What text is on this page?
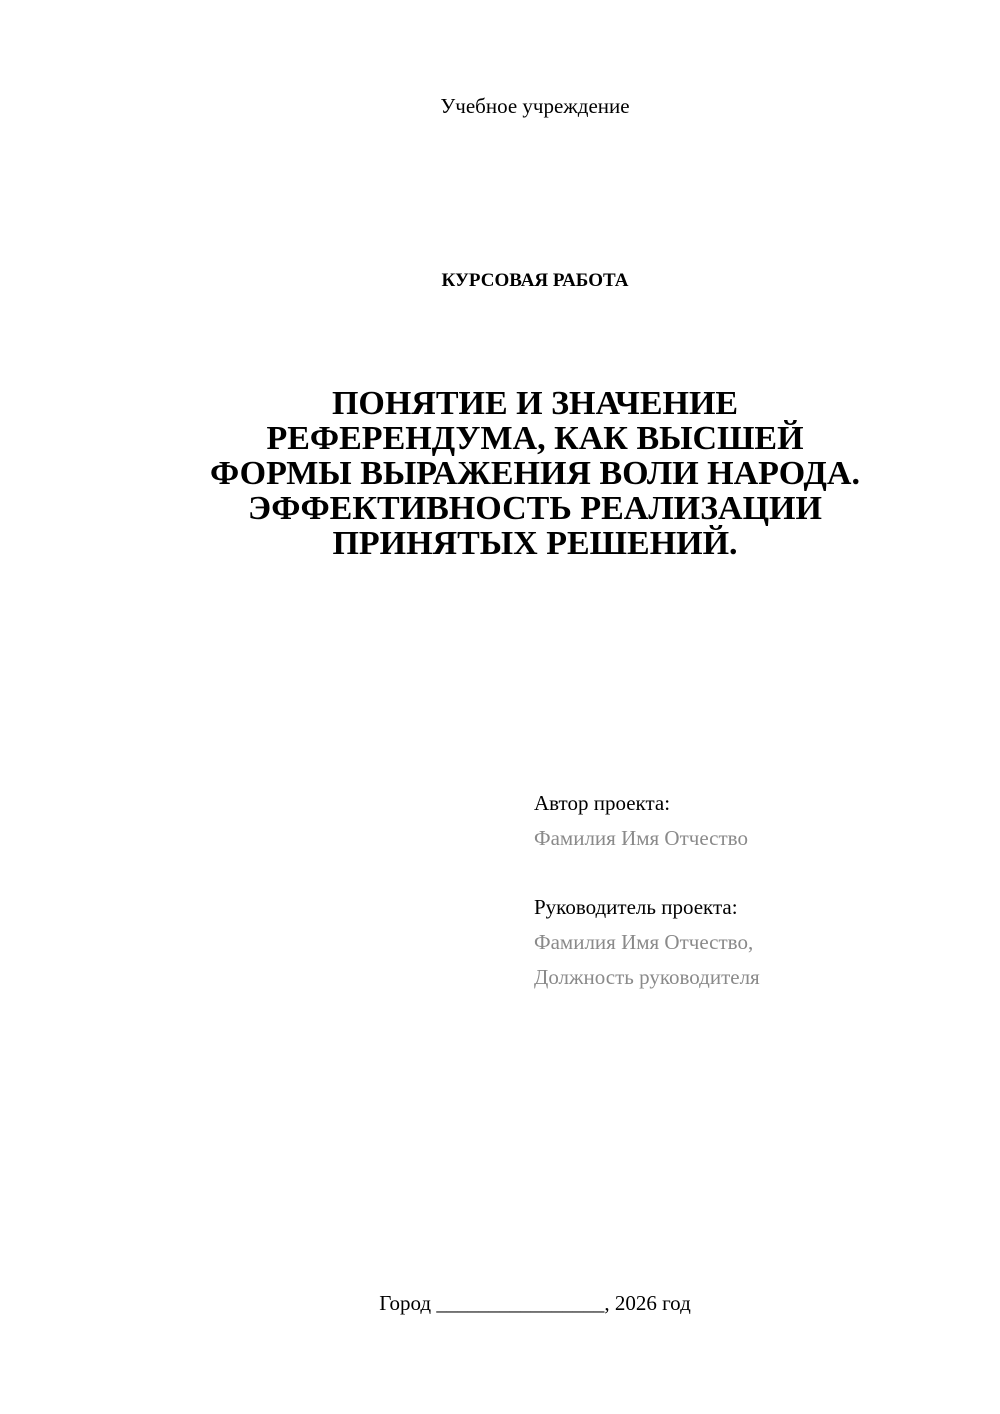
Учебное учреждение
КУРСОВАЯ РАБОТА
ПОНЯТИЕ И ЗНАЧЕНИЕ
РЕФЕРЕНДУМА, КАК ВЫСШЕЙ
ФОРМЫ ВЫРАЖЕНИЯ ВОЛИ НАРОДА.
ЭФФЕКТИВНОСТЬ РЕАЛИЗАЦИИ
ПРИНЯТЫХ РЕШЕНИЙ.
Автор проекта:
Фамилия Имя Отчество
Руководитель проекта:
Фамилия Имя Отчество,
Должность руководителя
Город ________________, 2026 год
